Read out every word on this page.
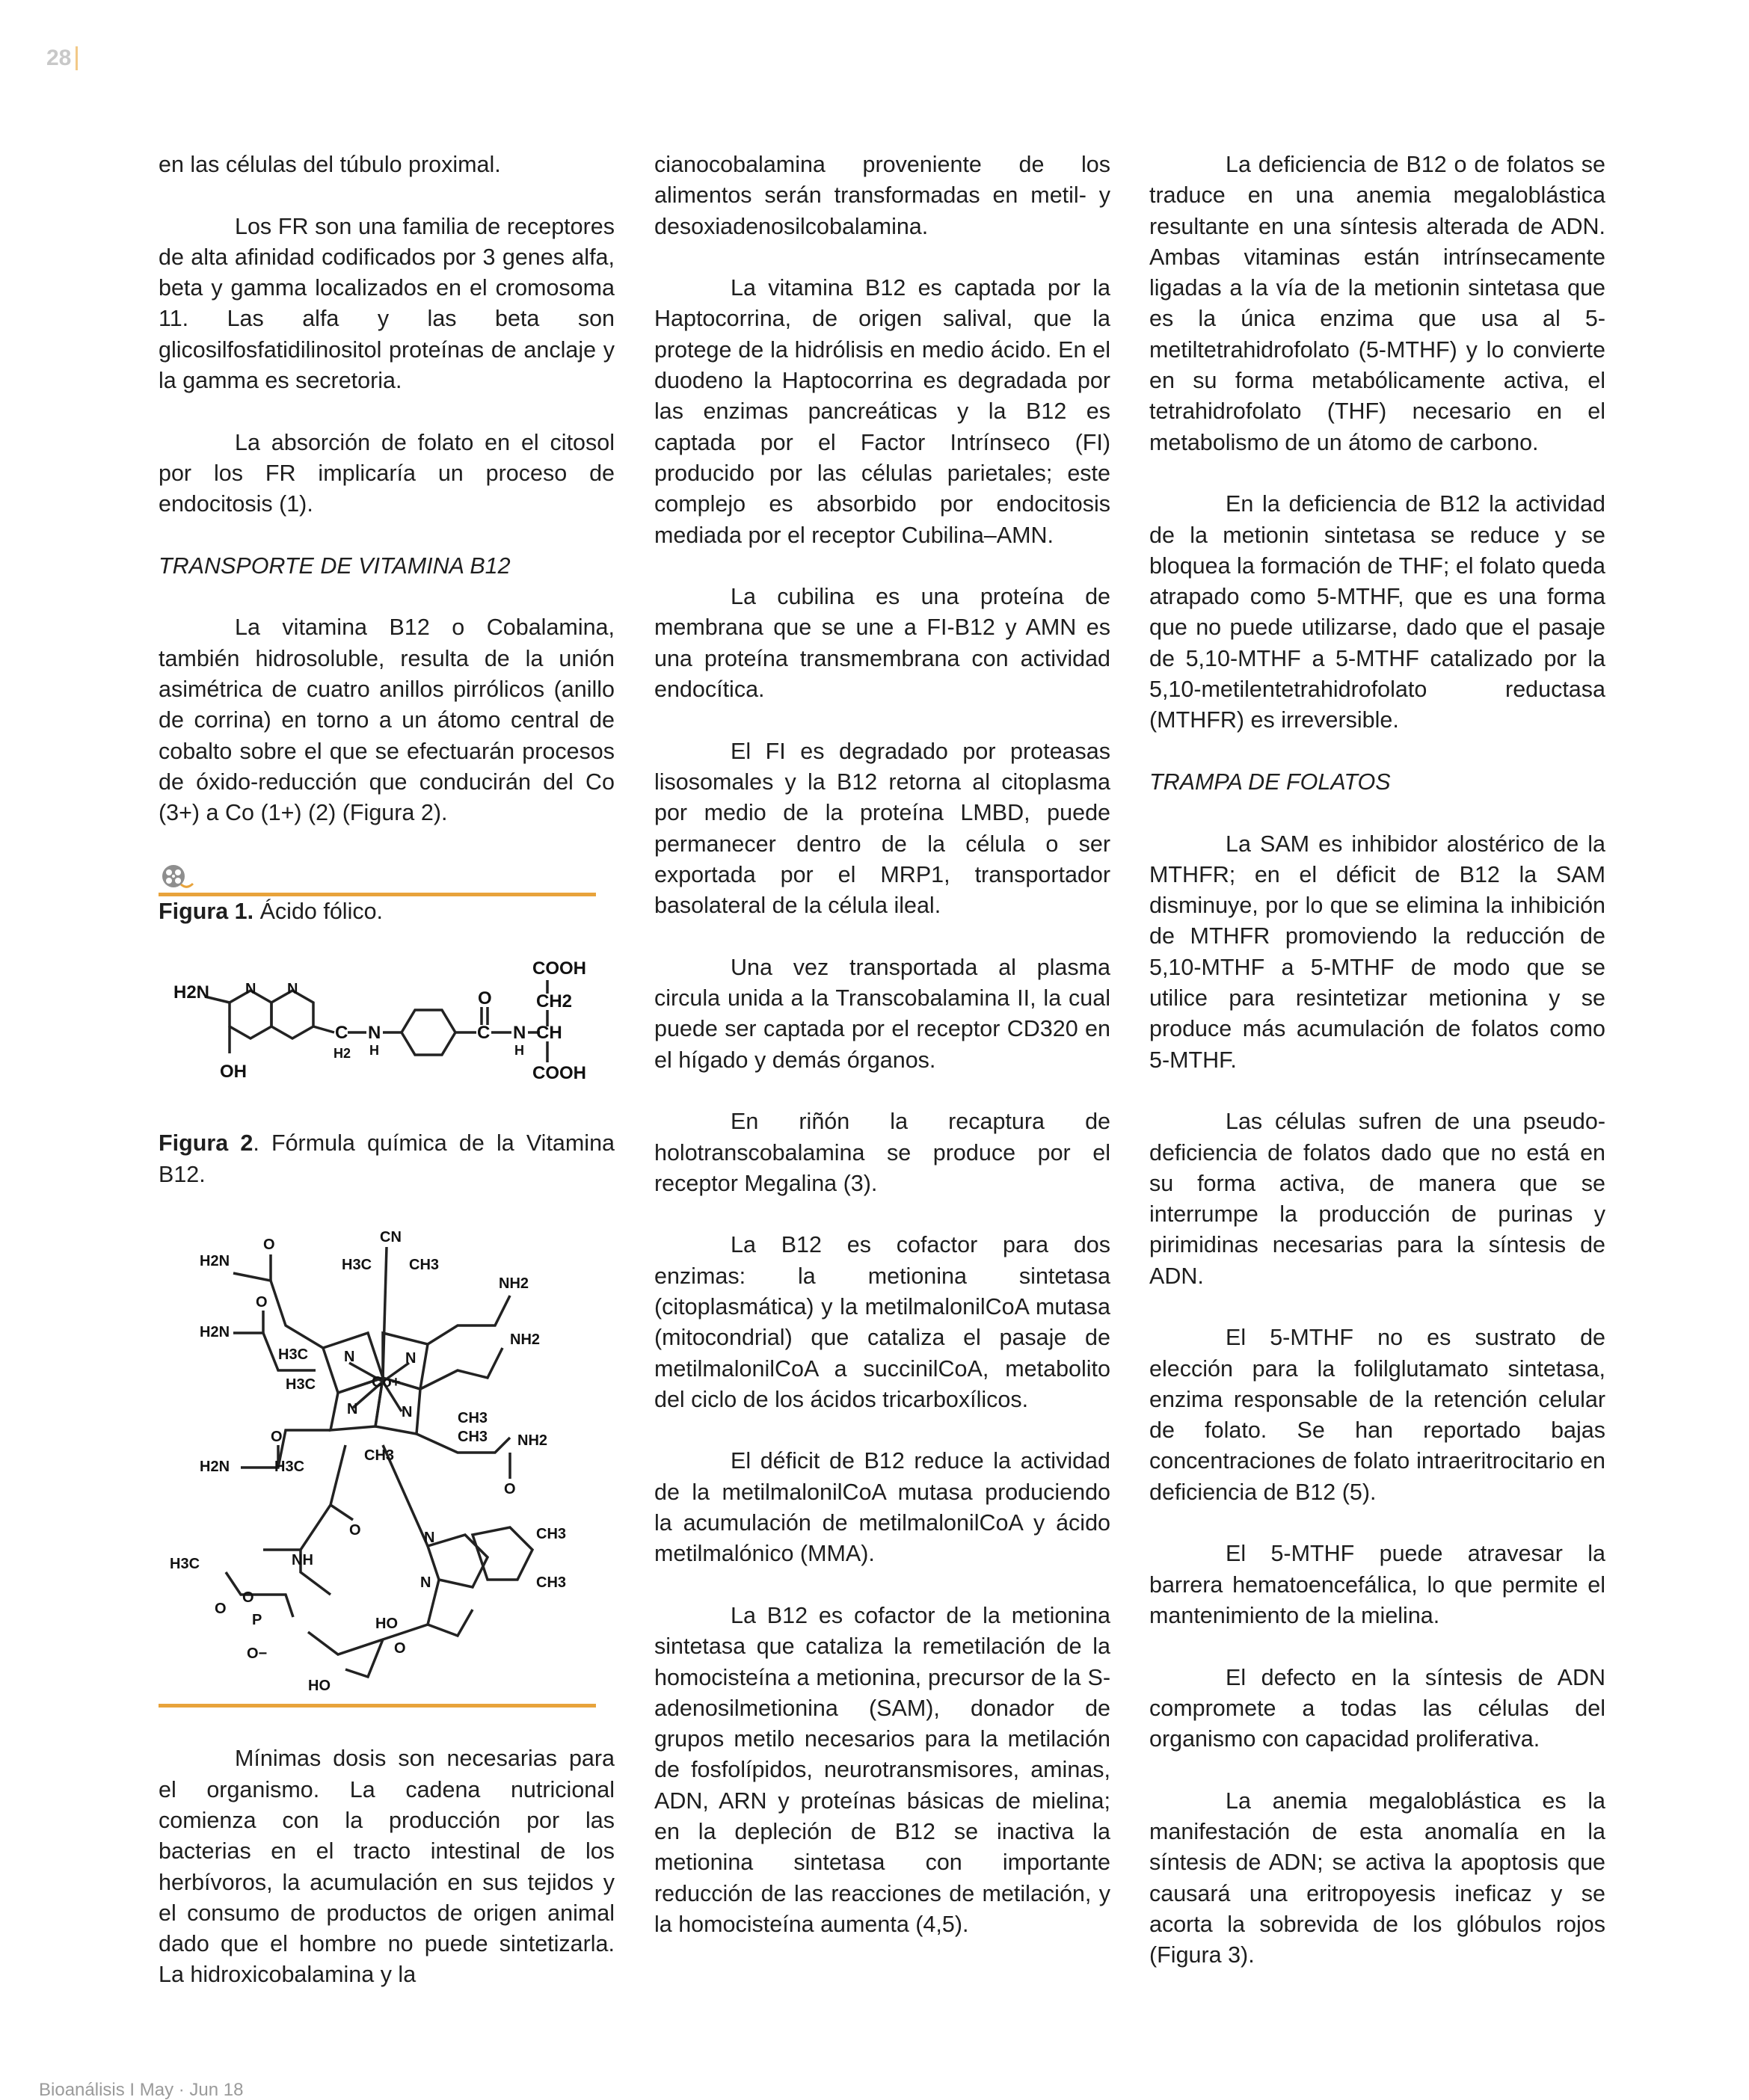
28

en las células del túbulo proximal.

Los FR son una familia de receptores de alta afinidad codificados por 3 genes alfa, beta y gamma localizados en el cromosoma 11. Las alfa y las beta son glicosilfosfatidilinositol proteínas de anclaje y la gamma es secretoria.

La absorción de folato en el citosol por los FR implicaría un proceso de endocitosis (1).

TRANSPORTE DE VITAMINA B12

La vitamina B12 o Cobalamina, también hidrosoluble, resulta de la unión asimétrica de cuatro anillos pirrólicos (anillo de corrina) en torno a un átomo central de cobalto sobre el que se efectuarán procesos de óxido-reducción que conducirán del Co (3+) a Co (1+) (2) (Figura 2).

Figura 1. Ácido fólico.

H2N N N
OH
C
H2
N
H
O
C N
H
COOH
CH2
CH
COOH

Figura 2. Fórmula química de la Vitamina B12.

CN
H2N
O
H2N
O
H2N
O
H3C CH3
NH2
NH2
H3C
H3C	Co+
N	N
N	N	CH3
CH3 NH2
O
H3C
CH3
O
NH
H3C
O
P
O
O−
N
N
CH3
CH3
HO
O
HO

Mínimas dosis son necesarias para el organismo. La cadena nutricional comienza con la producción por las bacterias en el tracto intestinal de los herbívoros, la acumulación en sus tejidos y el consumo de productos de origen animal dado que el hombre no puede sintetizarla. La hidroxicobalamina y la

cianocobalamina proveniente de los alimentos serán transformadas en metil- y desoxiadenosilcobalamina.

La vitamina B12 es captada por la Haptocorrina, de origen salival, que la protege de la hidrólisis en medio ácido. En el duodeno la Haptocorrina es degradada por las enzimas pancreáticas y la B12 es captada por el Factor Intrínseco (FI) producido por las células parietales; este complejo es absorbido por endocitosis mediada por el receptor Cubilina–AMN.

La cubilina es una proteína de membrana que se une a FI-B12 y AMN es una proteína transmembrana con actividad endocítica.

El FI es degradado por proteasas lisosomales y la B12 retorna al citoplasma por medio de la proteína LMBD, puede permanecer dentro de la célula o ser exportada por el MRP1, transportador basolateral de la célula ileal.

Una vez transportada al plasma circula unida a la Transcobalamina II, la cual puede ser captada por el receptor CD320 en el hígado y demás órganos.

En riñón la recaptura de holotranscobalamina se produce por el receptor Megalina (3).

La B12 es cofactor para dos enzimas: la metionina sintetasa (citoplasmática) y la metilmalonilCoA mutasa (mitocondrial) que cataliza el pasaje de metilmalonilCoA a succinilCoA, metabolito del ciclo de los ácidos tricarboxílicos.

El déficit de B12 reduce la actividad de la metilmalonilCoA mutasa produciendo la acumulación de metilmalonilCoA y ácido metilmalónico (MMA).

La B12 es cofactor de la metionina sintetasa que cataliza la remetilación de la homocisteína a metionina, precursor de la S-adenosilmetionina (SAM), donador de grupos metilo necesarios para la metilación de fosfolípidos, neurotransmisores, aminas, ADN, ARN y proteínas básicas de mielina; en la depleción de B12 se inactiva la metionina sintetasa con importante reducción de las reacciones de metilación, y la homocisteína aumenta (4,5).

La deficiencia de B12 o de folatos se traduce en una anemia megaloblástica resultante en una síntesis alterada de ADN. Ambas vitaminas están intrínsecamente ligadas a la vía de la metionin sintetasa que es la única enzima que usa al 5-metiltetrahidrofolato (5-MTHF) y lo convierte en su forma metabólicamente activa, el tetrahidrofolato (THF) necesario en el metabolismo de un átomo de carbono.

En la deficiencia de B12 la actividad de la metionin sintetasa se reduce y se bloquea la formación de THF; el folato queda atrapado como 5-MTHF, que es una forma que no puede utilizarse, dado que el pasaje de 5,10-MTHF a 5-MTHF catalizado por la 5,10-metilentetrahidrofolato reductasa (MTHFR) es irreversible.

TRAMPA DE FOLATOS

La SAM es inhibidor alostérico de la MTHFR; en el déficit de B12 la SAM disminuye, por lo que se elimina la inhibición de MTHFR promoviendo la reducción de 5,10-MTHF a 5-MTHF de modo que se utilice para resintetizar metionina y se produce más acumulación de folatos como 5-MTHF.

Las células sufren de una pseudo-deficiencia de folatos dado que no está en su forma activa, de manera que se interrumpe la producción de purinas y pirimidinas necesarias para la síntesis de ADN.

El 5-MTHF no es sustrato de elección para la folilglutamato sintetasa, enzima responsable de la retención celular de folato. Se han reportado bajas concentraciones de folato intraeritrocitario en deficiencia de B12 (5).

El 5-MTHF puede atravesar la barrera hematoencefálica, lo que permite el mantenimiento de la mielina.

El defecto en la síntesis de ADN compromete a todas las células del organismo con capacidad proliferativa.

La anemia megaloblástica es la manifestación de esta anomalía en la síntesis de ADN; se activa la apoptosis que causará una eritropoyesis ineficaz y se acorta la sobrevida de los glóbulos rojos (Figura 3).

Bioanálisis I May · Jun 18
